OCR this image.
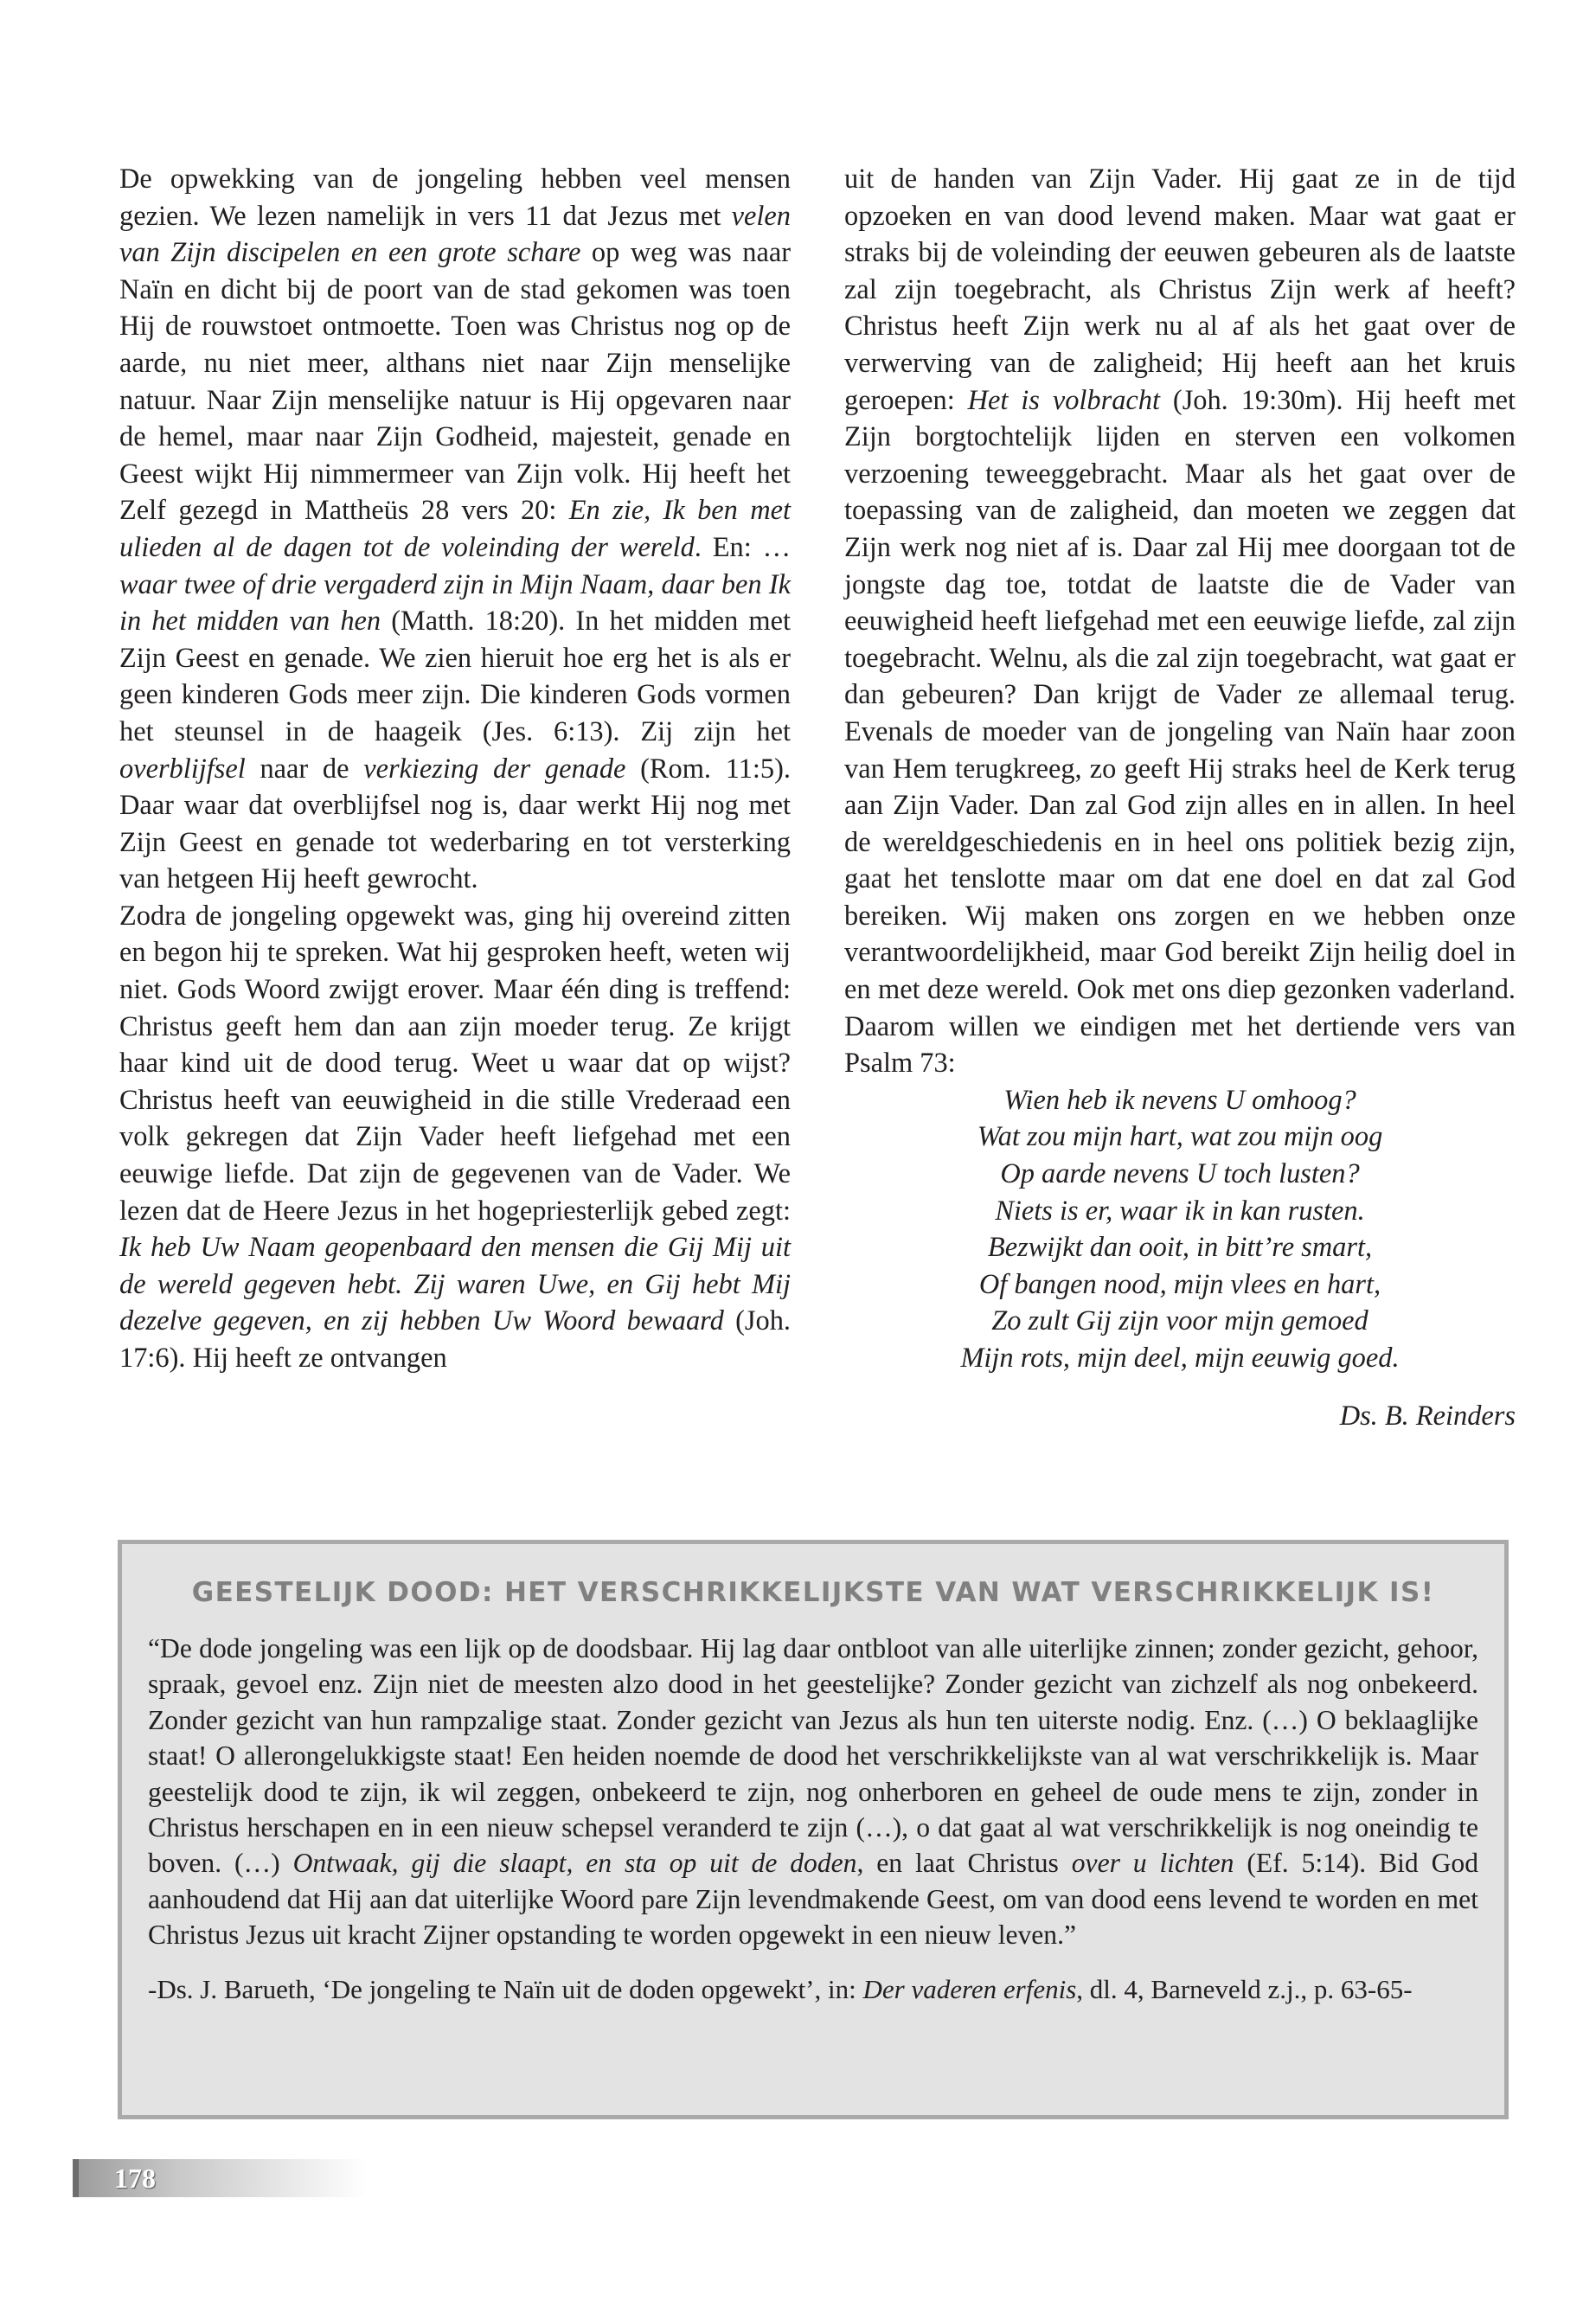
De opwekking van de jongeling hebben veel mensen gezien. We lezen namelijk in vers 11 dat Jezus met velen van Zijn discipelen en een grote schare op weg was naar Naïn en dicht bij de poort van de stad gekomen was toen Hij de rouwstoet ontmoette. Toen was Christus nog op de aarde, nu niet meer, althans niet naar Zijn menselijke natuur. Naar Zijn menselijke natuur is Hij opgevaren naar de hemel, maar naar Zijn Godheid, majesteit, genade en Geest wijkt Hij nimmermeer van Zijn volk. Hij heeft het Zelf gezegd in Mattheüs 28 vers 20: En zie, Ik ben met ulieden al de dagen tot de voleinding der wereld. En: …waar twee of drie vergaderd zijn in Mijn Naam, daar ben Ik in het midden van hen (Matth. 18:20). In het midden met Zijn Geest en genade. We zien hieruit hoe erg het is als er geen kinderen Gods meer zijn. Die kinderen Gods vormen het steunsel in de haageik (Jes. 6:13). Zij zijn het overblijfsel naar de verkiezing der genade (Rom. 11:5). Daar waar dat overblijfsel nog is, daar werkt Hij nog met Zijn Geest en genade tot wederbaring en tot versterking van hetgeen Hij heeft gewrocht.

Zodra de jongeling opgewekt was, ging hij overeind zitten en begon hij te spreken. Wat hij gesproken heeft, weten wij niet. Gods Woord zwijgt erover. Maar één ding is treffend: Christus geeft hem dan aan zijn moeder terug. Ze krijgt haar kind uit de dood terug. Weet u waar dat op wijst? Christus heeft van eeuwigheid in die stille Vrederaad een volk gekregen dat Zijn Vader heeft liefgehad met een eeuwige liefde. Dat zijn de gegevenen van de Vader. We lezen dat de Heere Jezus in het hogepriesterlijk gebed zegt: Ik heb Uw Naam geopenbaard den mensen die Gij Mij uit de wereld gegeven hebt. Zij waren Uwe, en Gij hebt Mij dezelve gegeven, en zij hebben Uw Woord bewaard (Joh. 17:6). Hij heeft ze ontvangen

uit de handen van Zijn Vader. Hij gaat ze in de tijd opzoeken en van dood levend maken. Maar wat gaat er straks bij de voleinding der eeuwen gebeuren als de laatste zal zijn toegebracht, als Christus Zijn werk af heeft? Christus heeft Zijn werk nu al af als het gaat over de verwerving van de zaligheid; Hij heeft aan het kruis geroepen: Het is volbracht (Joh. 19:30m). Hij heeft met Zijn borgtochtelijk lijden en sterven een volkomen verzoening teweeggebracht. Maar als het gaat over de toepassing van de zaligheid, dan moeten we zeggen dat Zijn werk nog niet af is. Daar zal Hij mee doorgaan tot de jongste dag toe, totdat de laatste die de Vader van eeuwigheid heeft liefgehad met een eeuwige liefde, zal zijn toegebracht. Welnu, als die zal zijn toegebracht, wat gaat er dan gebeuren? Dan krijgt de Vader ze allemaal terug. Evenals de moeder van de jongeling van Naïn haar zoon van Hem terugkreeg, zo geeft Hij straks heel de Kerk terug aan Zijn Vader. Dan zal God zijn alles en in allen. In heel de wereldgeschiedenis en in heel ons politiek bezig zijn, gaat het tenslotte maar om dat ene doel en dat zal God bereiken. Wij maken ons zorgen en we hebben onze verantwoordelijkheid, maar God bereikt Zijn heilig doel in en met deze wereld. Ook met ons diep gezonken vaderland. Daarom willen we eindigen met het dertiende vers van Psalm 73:

Wien heb ik nevens U omhoog?
Wat zou mijn hart, wat zou mijn oog
Op aarde nevens U toch lusten?
Niets is er, waar ik in kan rusten.
Bezwijkt dan ooit, in bitt’re smart,
Of bangen nood, mijn vlees en hart,
Zo zult Gij zijn voor mijn gemoed
Mijn rots, mijn deel, mijn eeuwig goed.
Ds. B. Reinders
GEESTELIJK DOOD: HET VERSCHRIKKELIJKSTE VAN WAT VERSCHRIKKELIJK IS!

“De dode jongeling was een lijk op de doodsbaar. Hij lag daar ontbloot van alle uiterlijke zinnen; zonder gezicht, gehoor, spraak, gevoel enz. Zijn niet de meesten alzo dood in het geestelijke? Zonder gezicht van zichzelf als nog onbekeerd. Zonder gezicht van hun rampzalige staat. Zonder gezicht van Jezus als hun ten uiterste nodig. Enz. (…) O beklaaglijke staat! O allerongelukkigste staat! Een heiden noemde de dood het verschrikkelijkste van al wat verschrikkelijk is. Maar geestelijk dood te zijn, ik wil zeggen, onbekeerd te zijn, nog onherboren en geheel de oude mens te zijn, zonder in Christus herschapen en in een nieuw schepsel veranderd te zijn (…), o dat gaat al wat verschrikkelijk is nog oneindig te boven. (…) Ontwaak, gij die slaapt, en sta op uit de doden, en laat Christus over u lichten (Ef. 5:14). Bid God aanhoudend dat Hij aan dat uiterlijke Woord pare Zijn levendmakende Geest, om van dood eens levend te worden en met Christus Jezus uit kracht Zijner opstanding te worden opgewekt in een nieuw leven.”

-Ds. J. Barueth, ‘De jongeling te Naïn uit de doden opgewekt’, in: Der vaderen erfenis, dl. 4, Barneveld z.j., p. 63-65-
178
